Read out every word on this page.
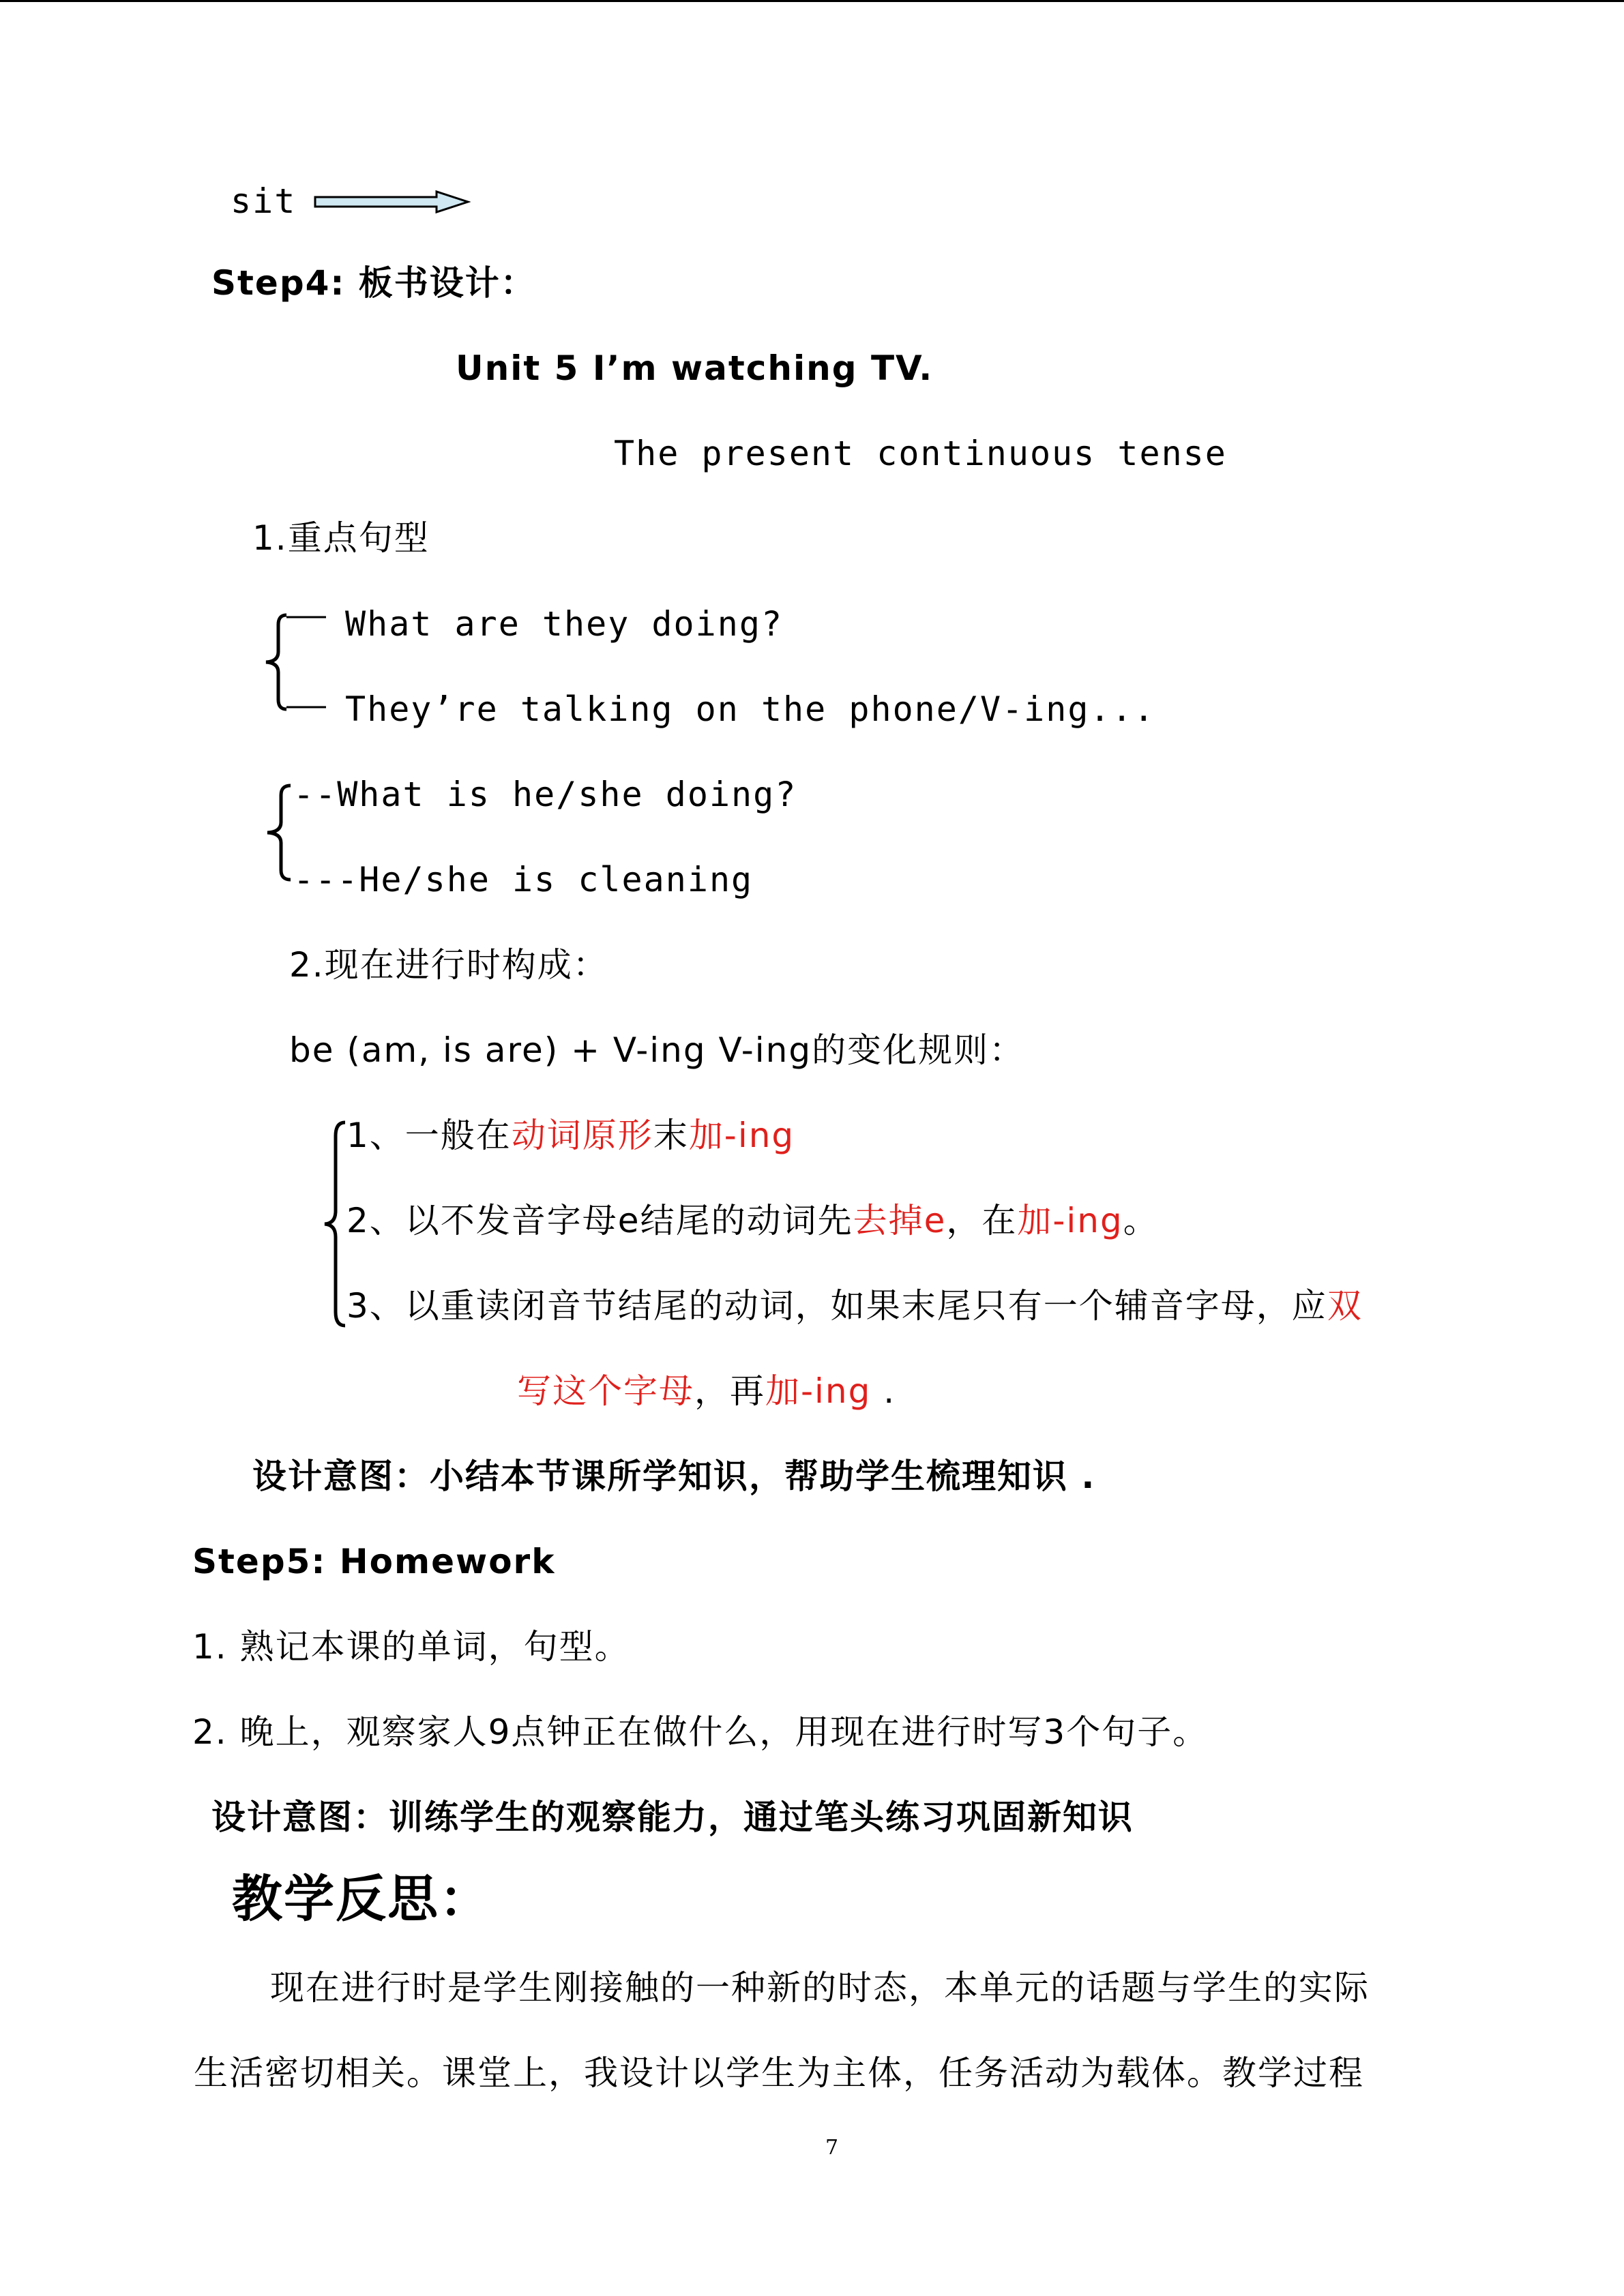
sit
Step4: 板书设计：
Unit 5 I’m watching TV.
The present continuous tense
1.重点句型
What are they doing?
They’re talking on the phone/V-ing...
--What is he/she doing?
---He/she is cleaning
2.现在进行时构成：
be (am, is are) + V-ing V-ing的变化规则：
1、一般在动词原形末加-ing
2、以不发音字母e结尾的动词先去掉e，在加-ing。
3、以重读闭音节结尾的动词，如果末尾只有一个辅音字母，应双
写这个字母，再加-ing .
设计意图：小结本节课所学知识，帮助学生梳理知识 .
Step5: Homework
1. 熟记本课的单词，句型。
2. 晚上，观察家人9点钟正在做什么，用现在进行时写3个句子。
设计意图：训练学生的观察能力，通过笔头练习巩固新知识
教学反思：
现在进行时是学生刚接触的一种新的时态，本单元的话题与学生的实际
生活密切相关。课堂上，我设计以学生为主体，任务活动为载体。教学过程
7
